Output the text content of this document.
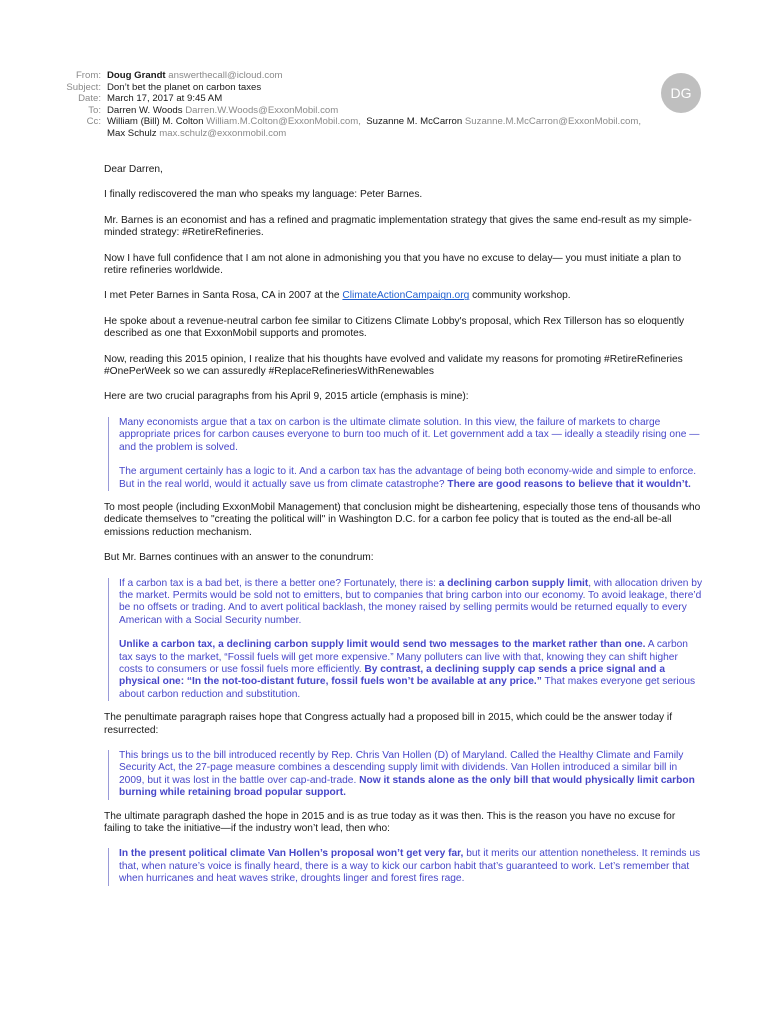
From: Doug Grandt answerthecall@icloud.com
Subject: Don’t bet the planet on carbon taxes
Date: March 17, 2017 at 9:45 AM
To: Darren W. Woods Darren.W.Woods@ExxonMobil.com
Cc: William (Bill) M. Colton William.M.Colton@ExxonMobil.com, Suzanne M. McCarron Suzanne.M.McCarron@ExxonMobil.com,
Max Schulz max.schulz@exxonmobil.com
DG

Dear Darren,

I finally rediscovered the man who speaks my language: Peter Barnes.

Mr. Barnes is an economist and has a refined and pragmatic implementation strategy that gives the same end-result as my simple-minded strategy: #RetireRefineries.

Now I have full confidence that I am not alone in admonishing you that you have no excuse to delay— you must initiate a plan to retire refineries worldwide.

I met Peter Barnes in Santa Rosa, CA in 2007 at the ClimateActionCampaign.org community workshop.

He spoke about a revenue-neutral carbon fee similar to Citizens Climate Lobby's proposal, which Rex Tillerson has so eloquently described as one that ExxonMobil supports and promotes.

Now, reading this 2015 opinion, I realize that his thoughts have evolved and validate my reasons for promoting #RetireRefineries #OnePerWeek so we can assuredly #ReplaceRefineriesWithRenewables

Here are two crucial paragraphs from his April 9, 2015 article (emphasis is mine):

Many economists argue that a tax on carbon is the ultimate climate solution. In this view, the failure of markets to charge appropriate prices for carbon causes everyone to burn too much of it. Let government add a tax — ideally a steadily rising one — and the problem is solved.

The argument certainly has a logic to it. And a carbon tax has the advantage of being both economy-wide and simple to enforce. But in the real world, would it actually save us from climate catastrophe? There are good reasons to believe that it wouldn’t.

To most people (including ExxonMobil Management) that conclusion might be disheartening, especially those tens of thousands who dedicate themselves to "creating the political will" in Washington D.C. for a carbon fee policy that is touted as the end-all be-all emissions reduction mechanism.

But Mr. Barnes continues with an answer to the conundrum:

If a carbon tax is a bad bet, is there a better one? Fortunately, there is: a declining carbon supply limit, with allocation driven by the market. Permits would be sold not to emitters, but to companies that bring carbon into our economy. To avoid leakage, there’d be no offsets or trading. And to avert political backlash, the money raised by selling permits would be returned equally to every American with a Social Security number.

Unlike a carbon tax, a declining carbon supply limit would send two messages to the market rather than one. A carbon tax says to the market, “Fossil fuels will get more expensive.” Many polluters can live with that, knowing they can shift higher costs to consumers or use fossil fuels more efficiently. By contrast, a declining supply cap sends a price signal and a physical one: “In the not-too-distant future, fossil fuels won’t be available at any price.” That makes everyone get serious about carbon reduction and substitution.

The penultimate paragraph raises hope that Congress actually had a proposed bill in 2015, which could be the answer today if resurrected:

This brings us to the bill introduced recently by Rep. Chris Van Hollen (D) of Maryland. Called the Healthy Climate and Family Security Act, the 27-page measure combines a descending supply limit with dividends. Van Hollen introduced a similar bill in 2009, but it was lost in the battle over cap-and-trade. Now it stands alone as the only bill that would physically limit carbon burning while retaining broad popular support.

The ultimate paragraph dashed the hope in 2015 and is as true today as it was then. This is the reason you have no excuse for failing to take the initiative—if the industry won’t lead, then who:

In the present political climate Van Hollen’s proposal won’t get very far, but it merits our attention nonetheless. It reminds us that, when nature’s voice is finally heard, there is a way to kick our carbon habit that’s guaranteed to work. Let’s remember that when hurricanes and heat waves strike, droughts linger and forest fires rage.
